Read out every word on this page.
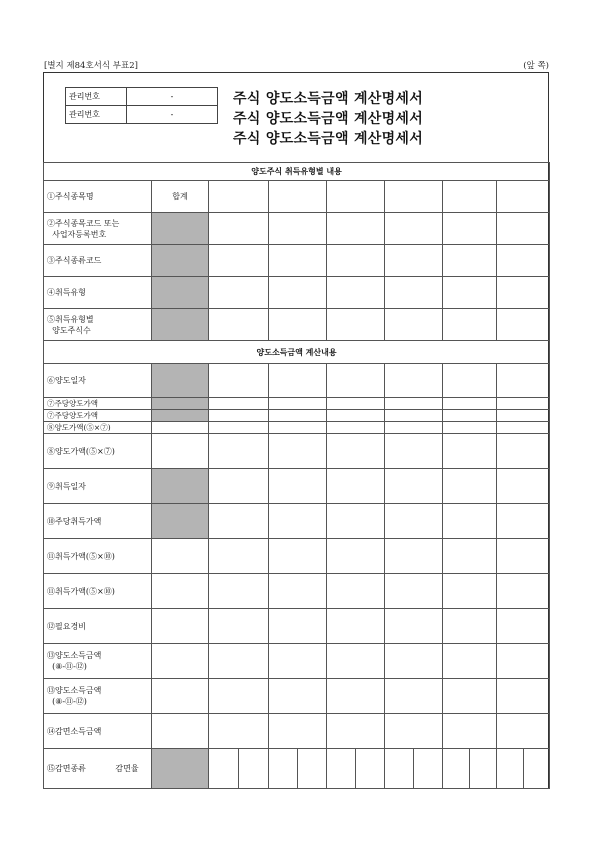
[별지 제84호서식 부표2]	(앞 쪽)
관리번호	-
관리번호	-
주식 양도소득금액 계산명세서
주식 양도소득금액 계산명세서
주식 양도소득금액 계산명세서
양도주식 취득유형별 내용							
①주식종목명	합계						
②주식종목코드 또는
사업자등록번호							
③주식종류코드							
④취득유형							
⑤취득유형별
양도주식수							
양도소득금액 계산내용							
⑥양도일자							
⑦주당양도가액							
⑦주당양도가액							
⑧양도가액(⑤×⑦)							
⑧양도가액(⑤×⑦)							
⑨취득일자							
⑩주당취득가액							
⑪취득가액(⑤×⑩)							
⑪취득가액(⑤×⑩)							
⑫필요경비							
⑬양도소득금액
(⑧-⑪-⑫)							
⑬양도소득금액
(⑧-⑪-⑫)							
⑭감면소득금액							

⑮감면종류 감면율							
